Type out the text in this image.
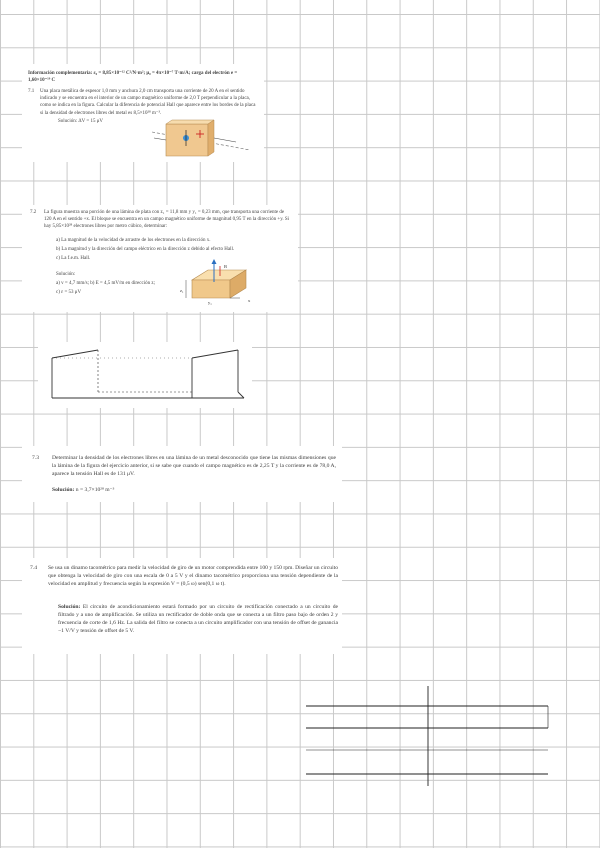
Información complementaria: ε₀ = 8,85×10⁻¹² C²/N·m²; μ₀ = 4π×10⁻⁷ T·m/A; carga del electrón e = 1,60×10⁻¹⁹ C
7.1 Una placa metálica de espesor 1,0 mm y anchura 2,0 cm transporta una corriente de 20 A en el sentido indicado y se encuentra en el interior de un campo magnético uniforme de 2,0 T perpendicular a la placa, como se indica en la figura. Calcular la diferencia de potencial Hall que aparece entre los bordes de la placa si la densidad de electrones libres del metal es 8,5×10²⁸ m⁻³.
Solución: ΔV = 15 μV
7.2 La figura muestra una porción de una lámina de plata con z₁ = 11,8 mm y y₁ = 0,23 mm, que transporta una corriente de 120 A en el sentido +x. El bloque se encuentra en un campo magnético uniforme de magnitud 0,95 T en la dirección +y. Si hay 5,85×10²⁸ electrones libres por metro cúbico, determinar:
a) La magnitud de la velocidad de arrastre de los electrones en la dirección x.
b) La magnitud y la dirección del campo eléctrico en la dirección z debido al efecto Hall.
c) La f.e.m. Hall.
Solución:
a) v = 4,7 mm/s; b) E = 4,5 mV/m en dirección z;
c) ε = 53 μV	z₁
y₁	x
B
7.3 Determinar la densidad de los electrones libres en una lámina de un metal desconocido que tiene las mismas dimensiones que la lámina de la figura del ejercicio anterior, si se sabe que cuando el campo magnético es de 2,25 T y la corriente es de 78,0 A, aparece la tensión Hall es de 131 μV.
Solución: n = 3,7×10²⁸ m⁻³
7.4 Se usa un dinamo tacométrico para medir la velocidad de giro de un motor comprendida entre 100 y 150 rpm. Diseñar un circuito que obtenga la velocidad de giro con una escala de 0 a 5 V y el dinamo tacométrico proporciona una tensión dependiente de la velocidad en amplitud y frecuencia según la expresión V = (0,5 ω) sen(0,1 ω t).
Solución: El circuito de acondicionamiento estará formado por un circuito de rectificación conectado a un circuito de filtrado y a uno de amplificación. Se utiliza un rectificador de doble onda que se conecta a un filtro paso bajo de orden 2 y frecuencia de corte de 1,6 Hz. La salida del filtro se conecta a un circuito amplificador con una tensión de offset de ganancia −1 V/V y tensión de offset de 5 V.
